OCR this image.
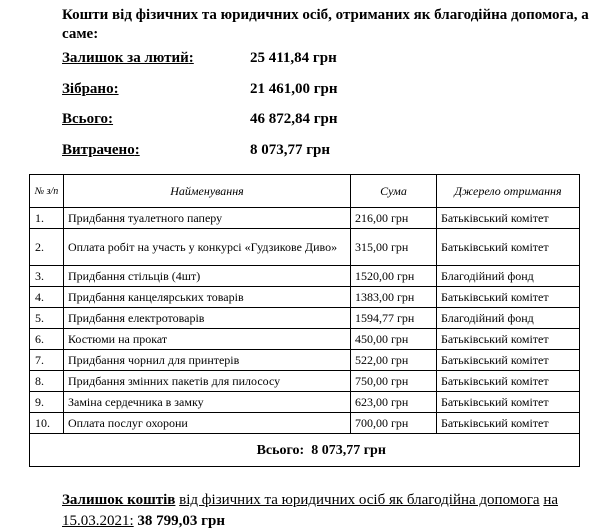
Кошти від фізичних та юридичних осіб, отриманих як благодійна допомога, а саме:
Залишок за лютий:	25 411,84 грн
Зібрано:	21 461,00 грн
Всього:	46 872,84 грн
Витрачено:	8 073,77 грн
№ з/п	Найменування	Сума	Джерело отримання
1.	Придбання туалетного паперу	216,00 грн	Батьківський комітет
2.	Оплата робіт на участь у конкурсі «Гудзикове Диво»	315,00 грн	Батьківський комітет
3.	Придбання стільців (4шт)	1520,00 грн	Благодійний фонд
4.	Придбання канцелярських товарів	1383,00 грн	Батьківський комітет
5.	Придбання електротоварів	1594,77 грн	Благодійний фонд
6.	Костюми на прокат	450,00 грн	Батьківський комітет
7.	Придбання чорнил для принтерів	522,00 грн	Батьківський комітет
8.	Придбання змінних пакетів для пилососу	750,00 грн	Батьківський комітет
9.	Заміна сердечника в замку	623,00 грн	Батьківський комітет
10.	Оплата послуг охорони	700,00 грн	Батьківський комітет
	Всього: 8 073,77 грн		
Залишок коштів від фізичних та юридичних осіб як благодійна допомога на 15.03.2021: 38 799,03 грн
